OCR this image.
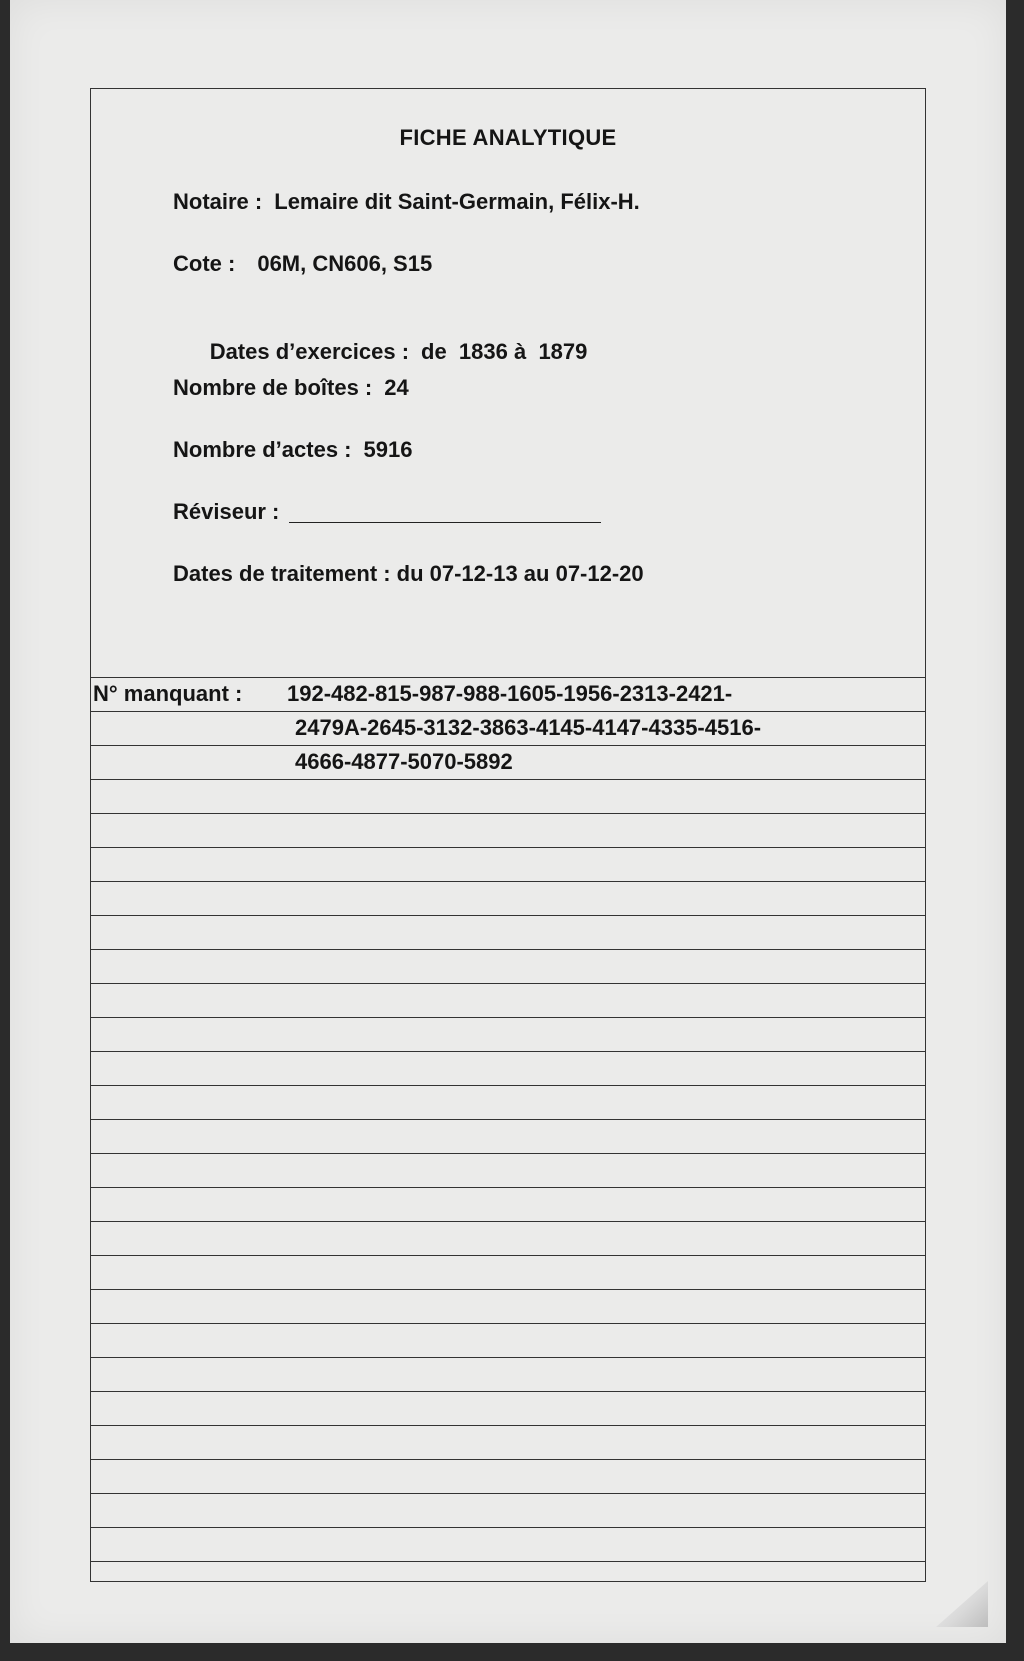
FICHE ANALYTIQUE
Notaire : Lemaire dit Saint-Germain, Félix-H.
Cote : 06M, CN606, S15

Dates d’exercices : de  1836 à  1879

Nombre de boîtes : 24
Nombre d’actes : 5916
Réviseur :
Dates de traitement : du 07-12-13 au 07-12-20
N° manquant : 192-482-815-987-988-1605-1956-2313-2421-
2479A-2645-3132-3863-4145-4147-4335-4516-
4666-4877-5070-5892
